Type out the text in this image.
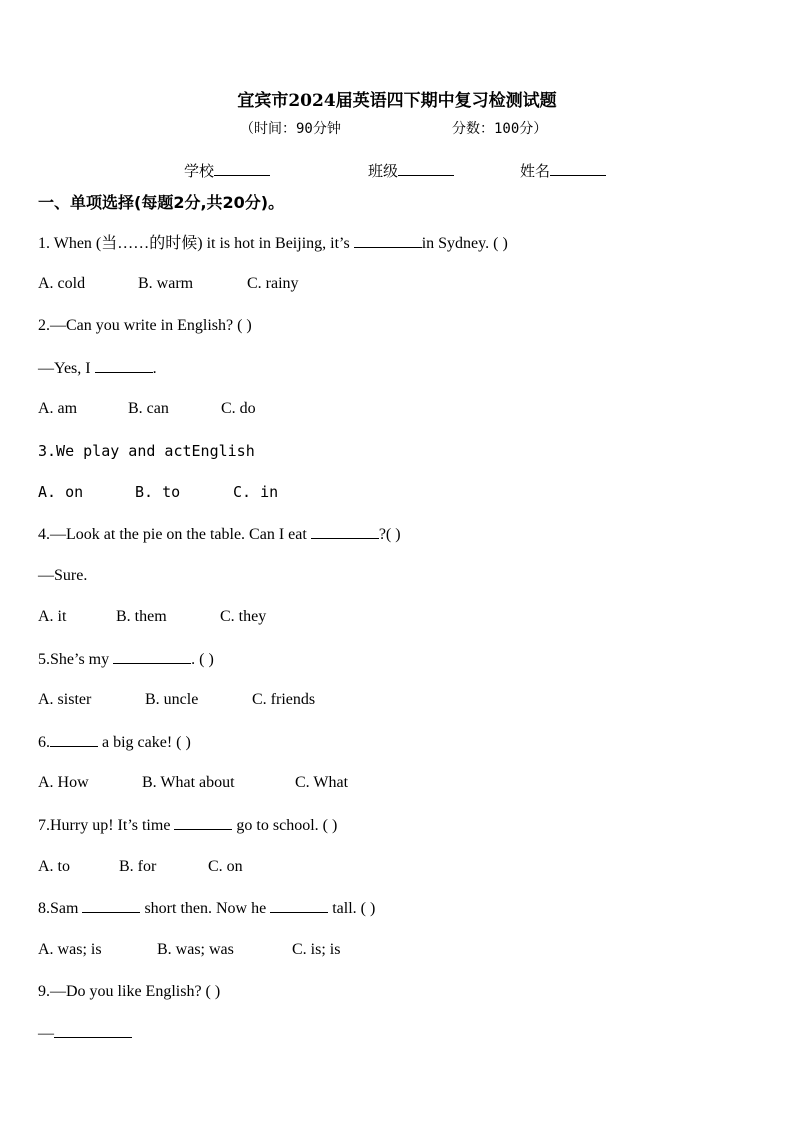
宜宾市2024届英语四下期中复习检测试题
（时间：90分钟	分数：100分）
学校	班级	姓名
一、单项选择(每题2分,共20分)。
1. When (当……的时候) it is hot in Beijing, it’s	in Sydney. ( )
A. cold	B. warm	C. rainy
2.—Can you write in English? ( )
—Yes, I	.
A. am	B. can	C. do
3.We play and actEnglish
A. on	B. to	C. in
4.—Look at the pie on the table. Can I eat	?( )
—Sure.
A. it	B. them	C. they
5.She’s my	. ( )
A. sister	B. uncle	C. friends
6.	a big cake! ( )
A. How	B. What about	C. What
7.Hurry up! It’s time	go to school. ( )
A. to	B. for	C. on
8.Sam	short then. Now he	tall. ( )
A. was; is	B. was; was	C. is; is
9.—Do you like English? ( )
—
